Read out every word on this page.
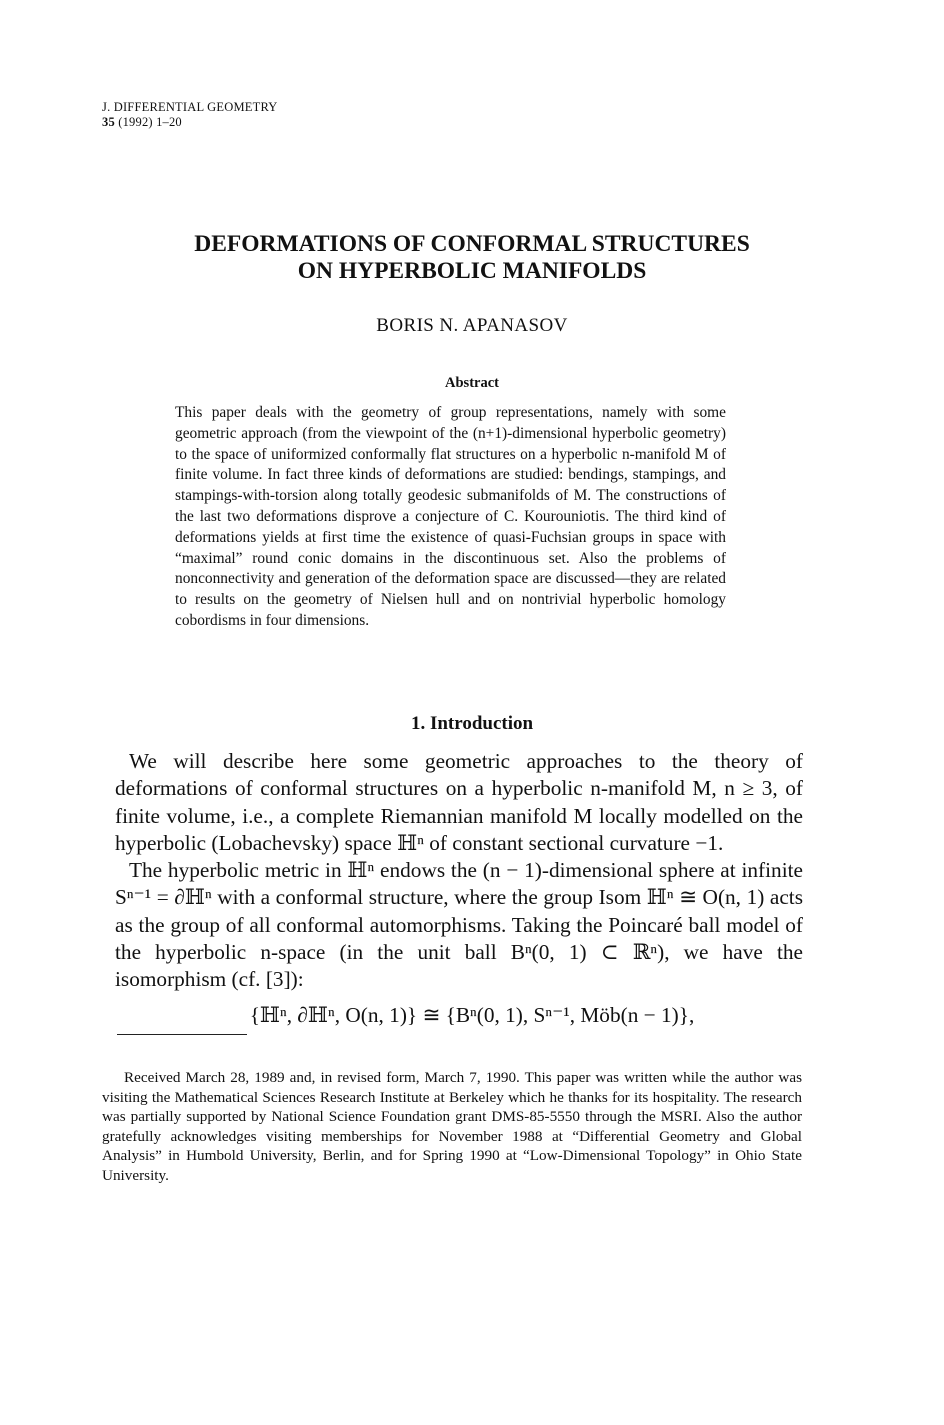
J. DIFFERENTIAL GEOMETRY
35 (1992) 1–20
DEFORMATIONS OF CONFORMAL STRUCTURES
ON HYPERBOLIC MANIFOLDS
BORIS N. APANASOV
Abstract
This paper deals with the geometry of group representations, namely with some geometric approach (from the viewpoint of the (n+1)-dimensional hyperbolic geometry) to the space of uniformized conformally flat structures on a hyperbolic n-manifold M of finite volume. In fact three kinds of deformations are studied: bendings, stampings, and stampings-with-torsion along totally geodesic submanifolds of M. The constructions of the last two deformations disprove a conjecture of C. Kourouniotis. The third kind of deformations yields at first time the existence of quasi-Fuchsian groups in space with “maximal” round conic domains in the discontinuous set. Also the problems of nonconnectivity and generation of the deformation space are discussed—they are related to results on the geometry of Nielsen hull and on nontrivial hyperbolic homology cobordisms in four dimensions.
1. Introduction

We will describe here some geometric approaches to the theory of deformations of conformal structures on a hyperbolic n-manifold M, n ≥ 3, of finite volume, i.e., a complete Riemannian manifold M locally modelled on the hyperbolic (Lobachevsky) space ℍⁿ of constant sectional curvature −1.

The hyperbolic metric in ℍⁿ endows the (n − 1)-dimensional sphere at infinite Sⁿ⁻¹ = ∂ℍⁿ with a conformal structure, where the group Isom ℍⁿ ≅ O(n, 1) acts as the group of all conformal automorphisms. Taking the Poincaré ball model of the hyperbolic n-space (in the unit ball Bⁿ(0, 1) ⊂ ℝⁿ), we have the isomorphism (cf. [3]):

{ℍⁿ, ∂ℍⁿ, O(n, 1)} ≅ {Bⁿ(0, 1), Sⁿ⁻¹, Möb(n − 1)},

Received March 28, 1989 and, in revised form, March 7, 1990. This paper was written while the author was visiting the Mathematical Sciences Research Institute at Berkeley which he thanks for its hospitality. The research was partially supported by National Science Foundation grant DMS-85-5550 through the MSRI. Also the author gratefully acknowledges visiting memberships for November 1988 at “Differential Geometry and Global Analysis” in Humbold University, Berlin, and for Spring 1990 at “Low-Dimensional Topology” in Ohio State University.
